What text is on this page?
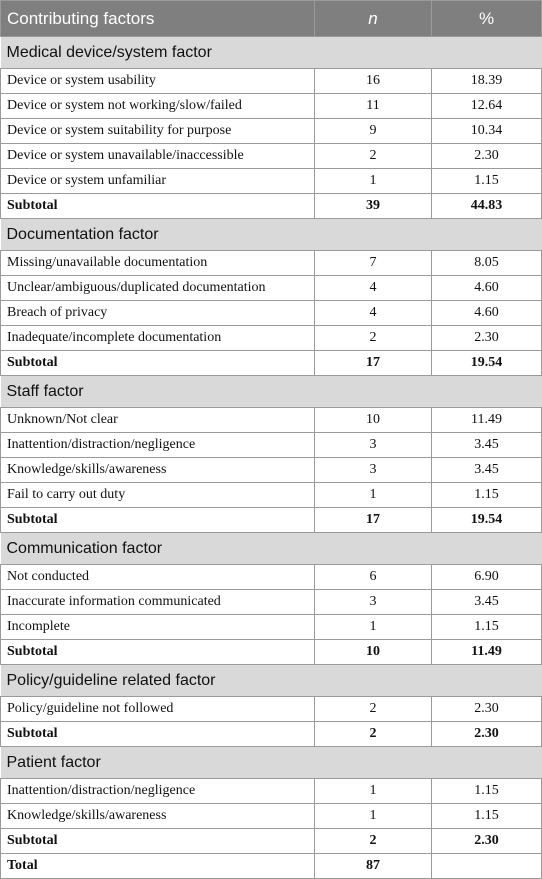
Contributing factors	n	%
Medical device/system factor		
Device or system usability	16	18.39
Device or system not working/slow/failed	11	12.64
Device or system suitability for purpose	9	10.34
Device or system unavailable/inaccessible	2	2.30
Device or system unfamiliar	1	1.15
Subtotal	39	44.83
Documentation factor		
Missing/unavailable documentation	7	8.05
Unclear/ambiguous/duplicated documentation	4	4.60
Breach of privacy	4	4.60
Inadequate/incomplete documentation	2	2.30
Subtotal	17	19.54
Staff factor		
Unknown/Not clear	10	11.49
Inattention/distraction/negligence	3	3.45
Knowledge/skills/awareness	3	3.45
Fail to carry out duty	1	1.15
Subtotal	17	19.54
Communication factor		
Not conducted	6	6.90
Inaccurate information communicated	3	3.45
Incomplete	1	1.15
Subtotal	10	11.49
Policy/guideline related factor		
Policy/guideline not followed	2	2.30
Subtotal	2	2.30
Patient factor		
Inattention/distraction/negligence	1	1.15
Knowledge/skills/awareness	1	1.15
Subtotal	2	2.30
Total	87	
